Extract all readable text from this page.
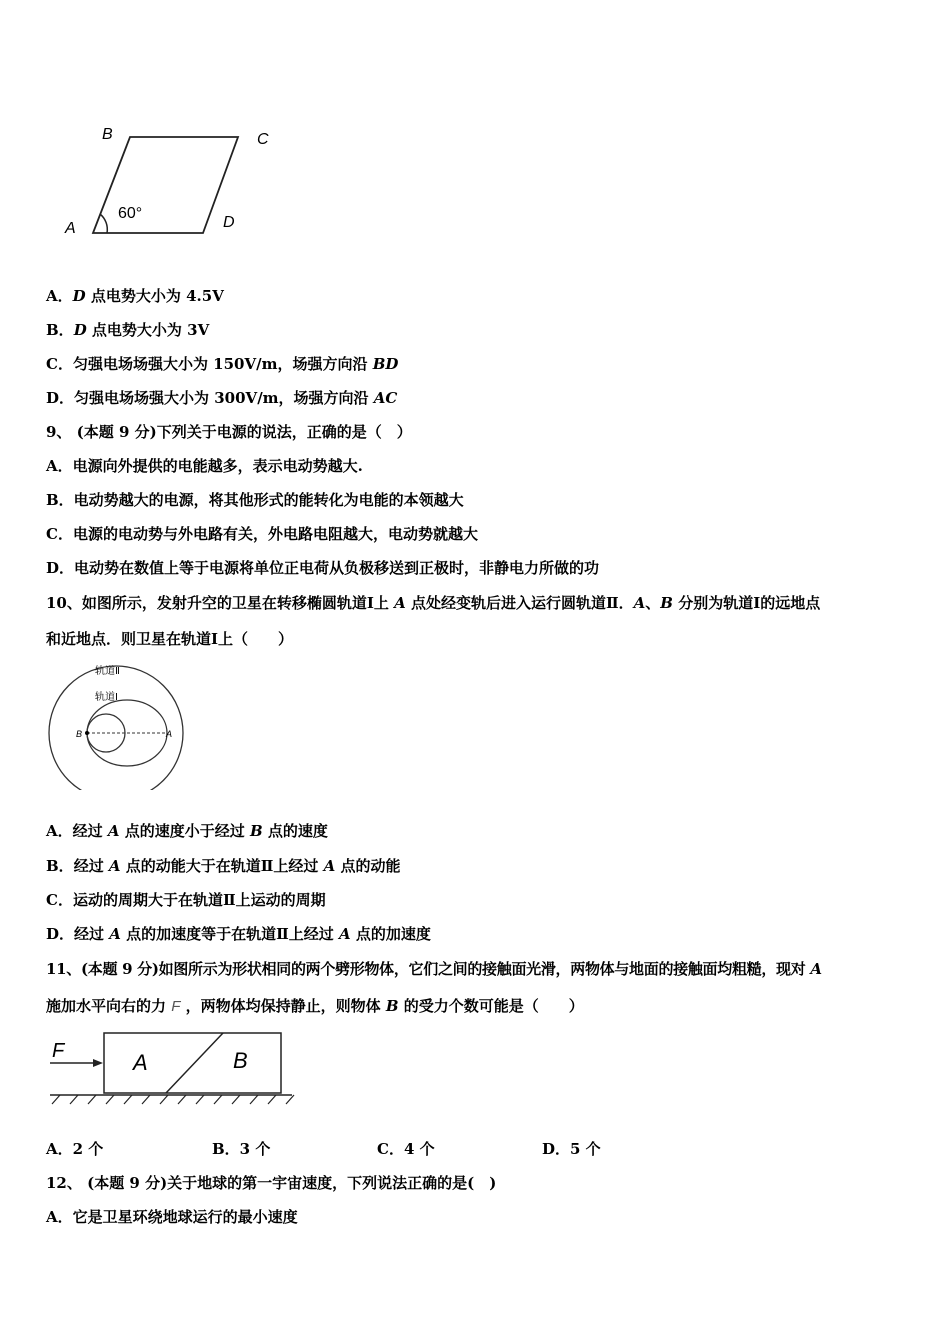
B	C
A	D
60°
A．D 点电势大小为 4.5V
B．D 点电势大小为 3V
C．匀强电场场强大小为 150V/m，场强方向沿 BD
D．匀强电场场强大小为 300V/m，场强方向沿 AC
9、 (本题 9 分)下列关于电源的说法，正确的是（　）
A．电源向外提供的电能越多，表示电动势越大.
B．电动势越大的电源，将其他形式的能转化为电能的本领越大
C．电源的电动势与外电路有关，外电路电阻越大，电动势就越大
D．电动势在数值上等于电源将单位正电荷从负极移送到正极时，非静电力所做的功
10、如图所示，发射升空的卫星在转移椭圆轨道Ⅰ上 A 点处经变轨后进入运行圆轨道Ⅱ．A、B 分别为轨道Ⅰ的远地点
和近地点．则卫星在轨道Ⅰ上（　　）
轨道Ⅱ
轨道Ⅰ
B	A
A．经过 A 点的速度小于经过 B 点的速度
B．经过 A 点的动能大于在轨道Ⅱ上经过 A 点的动能
C．运动的周期大于在轨道Ⅱ上运动的周期
D．经过 A 点的加速度等于在轨道Ⅱ上经过 A 点的加速度
11、(本题 9 分)如图所示为形状相同的两个劈形物体，它们之间的接触面光滑，两物体与地面的接触面均粗糙，现对 A
施加水平向右的力 F ，两物体均保持静止，则物体 B 的受力个数可能是（　　）
F	A	B
A．2 个	B．3 个	C．4 个	D．5 个
12、 (本题 9 分)关于地球的第一宇宙速度，下列说法正确的是(　)
A．它是卫星环绕地球运行的最小速度
